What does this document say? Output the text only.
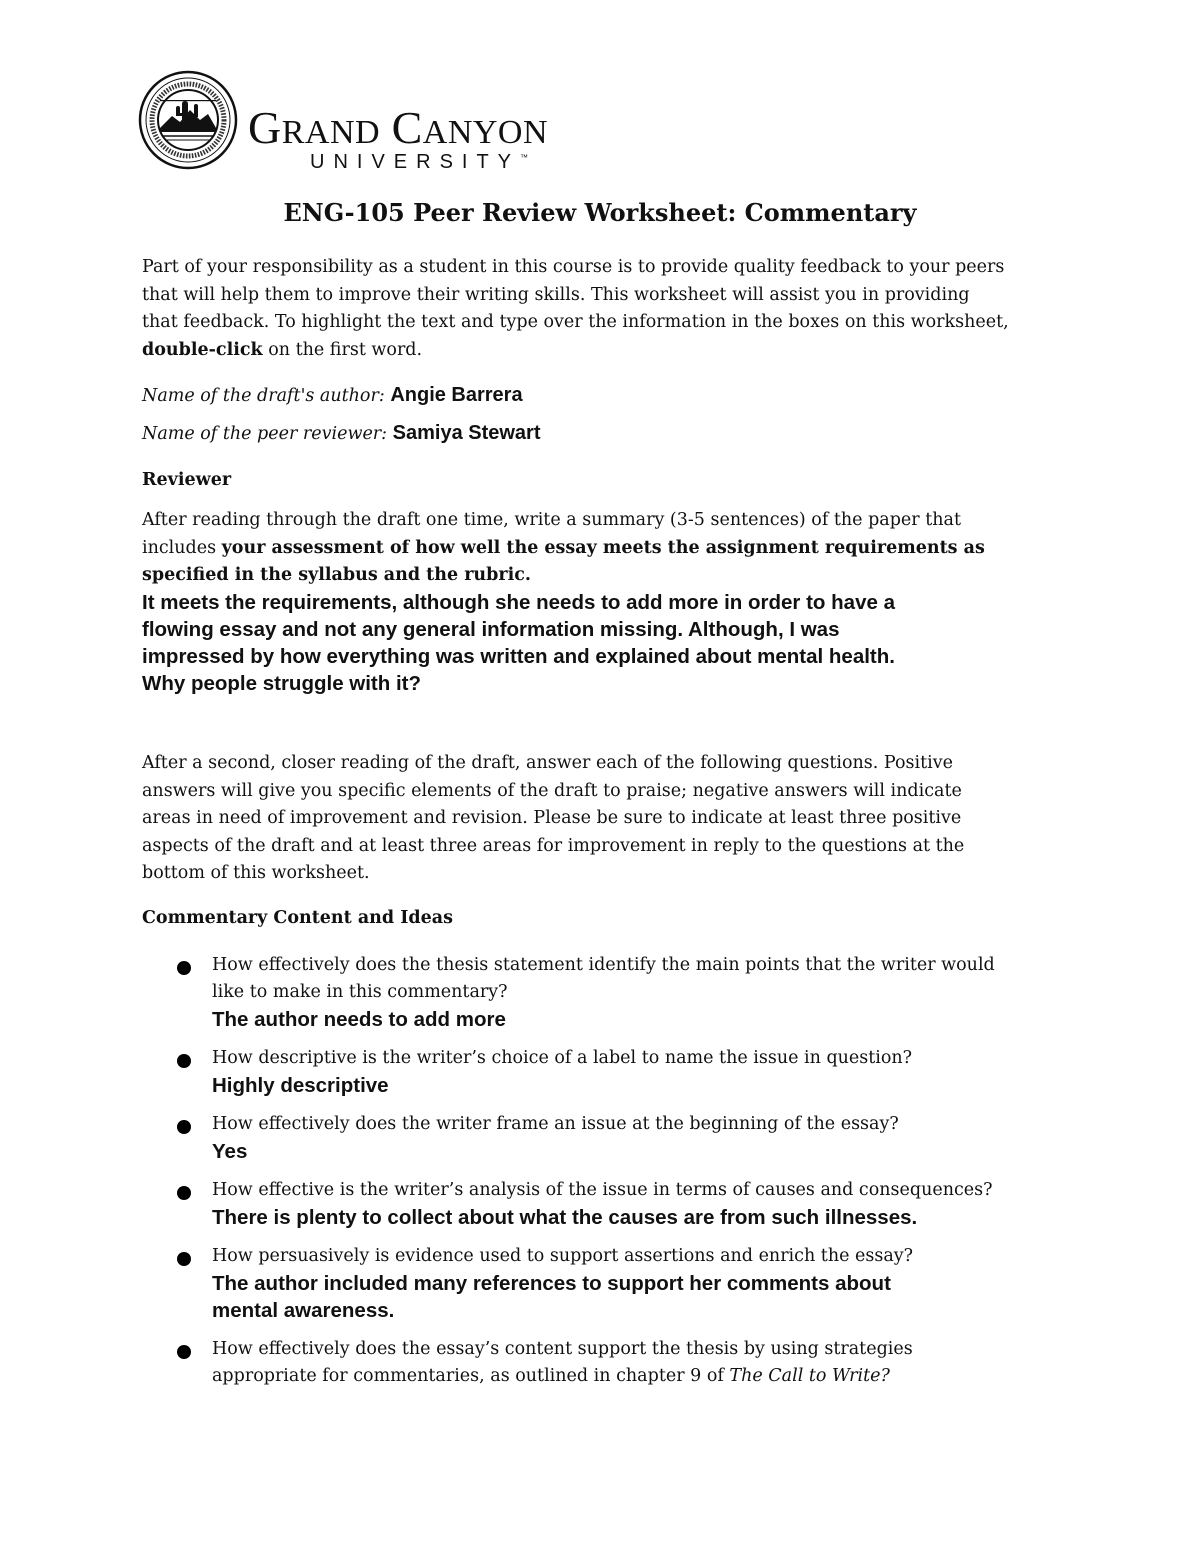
GRAND CANYON
UNIVERSITY™
ENG-105 Peer Review Worksheet: Commentary
Part of your responsibility as a student in this course is to provide quality feedback to your peers
that will help them to improve their writing skills. This worksheet will assist you in providing
that feedback. To highlight the text and type over the information in the boxes on this worksheet,
double-click on the first word.
Name of the draft's author: Angie Barrera
Name of the peer reviewer: Samiya Stewart
Reviewer
After reading through the draft one time, write a summary (3-5 sentences) of the paper that
includes your assessment of how well the essay meets the assignment requirements as
specified in the syllabus and the rubric.
It meets the requirements, although she needs to add more in order to have a
flowing essay and not any general information missing. Although, I was
impressed by how everything was written and explained about mental health.
Why people struggle with it?
After a second, closer reading of the draft, answer each of the following questions. Positive
answers will give you specific elements of the draft to praise; negative answers will indicate
areas in need of improvement and revision. Please be sure to indicate at least three positive
aspects of the draft and at least three areas for improvement in reply to the questions at the
bottom of this worksheet.
Commentary Content and Ideas
How effectively does the thesis statement identify the main points that the writer would
like to make in this commentary?
The author needs to add more
How descriptive is the writer’s choice of a label to name the issue in question?
Highly descriptive
How effectively does the writer frame an issue at the beginning of the essay?
Yes
How effective is the writer’s analysis of the issue in terms of causes and consequences?
There is plenty to collect about what the causes are from such illnesses.
How persuasively is evidence used to support assertions and enrich the essay?
The author included many references to support her comments about
mental awareness.
How effectively does the essay’s content support the thesis by using strategies
appropriate for commentaries, as outlined in chapter 9 of The Call to Write?
